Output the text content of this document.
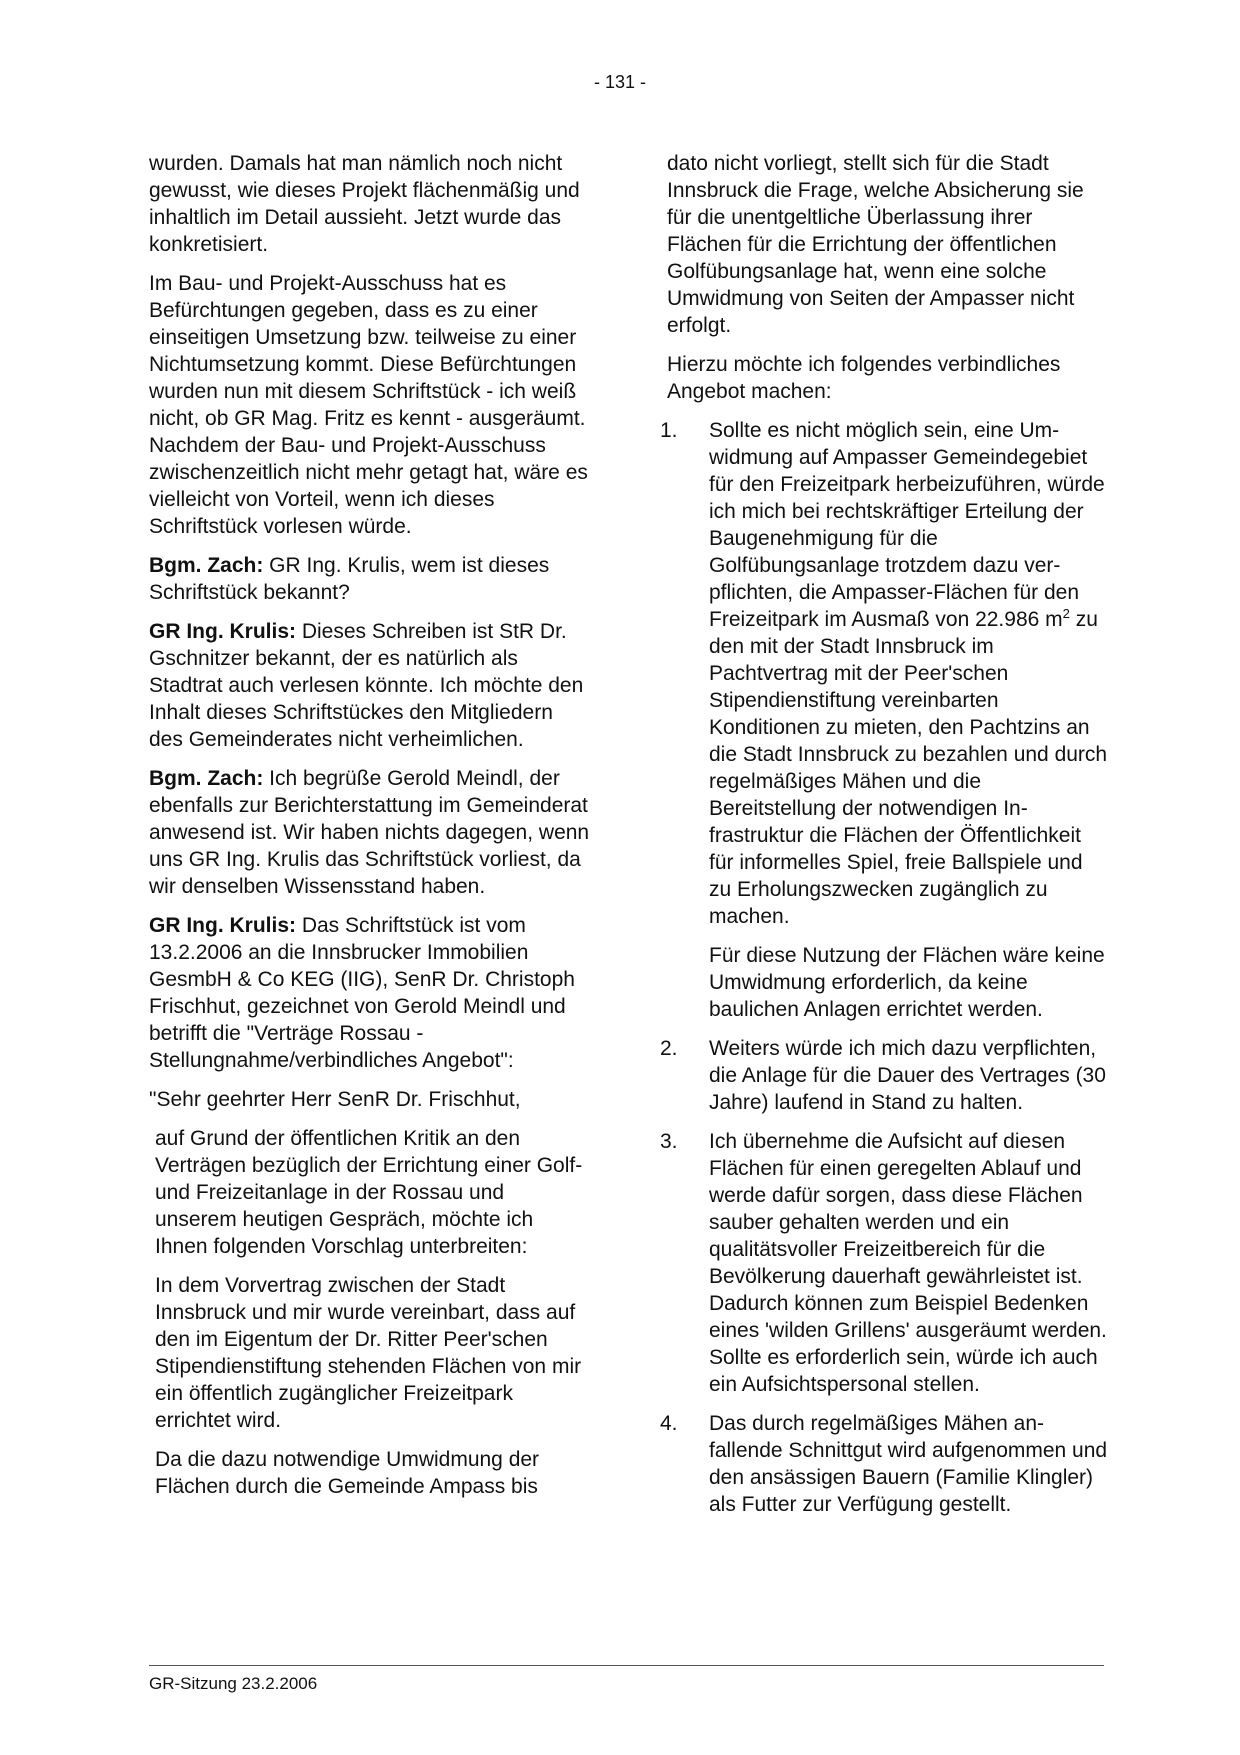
- 131 -

wurden. Damals hat man nämlich noch nicht gewusst, wie dieses Projekt flächenmäßig und inhaltlich im Detail aussieht. Jetzt wurde das konkretisiert.

Im Bau- und Projekt-Ausschuss hat es Befürchtungen gegeben, dass es zu einer einseitigen Umsetzung bzw. teilweise zu einer Nichtumsetzung kommt. Diese Befürchtungen wurden nun mit diesem Schriftstück - ich weiß nicht, ob GR Mag. Fritz es kennt - ausgeräumt. Nachdem der Bau- und Projekt-Ausschuss zwischenzeitlich nicht mehr getagt hat, wäre es vielleicht von Vorteil, wenn ich dieses Schriftstück vorlesen würde.

Bgm. Zach: GR Ing. Krulis, wem ist dieses Schriftstück bekannt?

GR Ing. Krulis: Dieses Schreiben ist StR Dr. Gschnitzer bekannt, der es natürlich als Stadtrat auch verlesen könnte. Ich möchte den Inhalt dieses Schriftstückes den Mitgliedern des Gemeinderates nicht verheimlichen.

Bgm. Zach: Ich begrüße Gerold Meindl, der ebenfalls zur Berichterstattung im Gemeinderat anwesend ist. Wir haben nichts dagegen, wenn uns GR Ing. Krulis das Schriftstück vorliest, da wir denselben Wissensstand haben.

GR Ing. Krulis: Das Schriftstück ist vom 13.2.2006 an die Innsbrucker Immobilien GesmbH & Co KEG (IIG), SenR Dr. Christoph Frischhut, gezeichnet von Gerold Meindl und betrifft die "Verträge Rossau - Stellungnahme/verbindliches Angebot":

"Sehr geehrter Herr SenR Dr. Frischhut,

auf Grund der öffentlichen Kritik an den Verträgen bezüglich der Errichtung einer Golf- und Freizeitanlage in der Rossau und unserem heutigen Gespräch, möchte ich Ihnen folgenden Vorschlag unterbreiten:

In dem Vorvertrag zwischen der Stadt Innsbruck und mir wurde vereinbart, dass auf den im Eigentum der Dr. Ritter Peer'schen Stipendienstiftung stehenden Flächen von mir ein öffentlich zugänglicher Freizeitpark errichtet wird.

Da die dazu notwendige Umwidmung der Flächen durch die Gemeinde Ampass bis

dato nicht vorliegt, stellt sich für die Stadt Innsbruck die Frage, welche Absicherung sie für die unentgeltliche Überlassung ihrer Flächen für die Errichtung der öffentlichen Golfübungsanlage hat, wenn eine solche Umwidmung von Seiten der Ampasser nicht erfolgt.

Hierzu möchte ich folgendes verbindliches Angebot machen:

1. Sollte es nicht möglich sein, eine Umwidmung auf Ampasser Gemeindegebiet für den Freizeitpark herbeizuführen, würde ich mich bei rechtskräftiger Erteilung der Baugenehmigung für die Golfübungsanlage trotzdem dazu verpflichten, die Ampasser-Flächen für den Freizeitpark im Ausmaß von 22.986 $m^2$ zu den mit der Stadt Innsbruck im Pachtvertrag mit der Peer'schen Stipendienstiftung vereinbarten Konditionen zu mieten, den Pachtzins an die Stadt Innsbruck zu bezahlen und durch regelmäßiges Mähen und die Bereitstellung der notwendigen Infrastruktur die Flächen der Öffentlichkeit für informelles Spiel, freie Ballspiele und zu Erholungszwecken zugänglich zu machen.

Für diese Nutzung der Flächen wäre keine Umwidmung erforderlich, da keine baulichen Anlagen errichtet werden.

2. Weiters würde ich mich dazu verpflichten, die Anlage für die Dauer des Vertrages (30 Jahre) laufend in Stand zu halten.

3. Ich übernehme die Aufsicht auf diesen Flächen für einen geregelten Ablauf und werde dafür sorgen, dass diese Flächen sauber gehalten werden und ein qualitätsvoller Freizeitbereich für die Bevölkerung dauerhaft gewährleistet ist. Dadurch können zum Beispiel Bedenken eines 'wilden Grillens' ausgeräumt werden. Sollte es erforderlich sein, würde ich auch ein Aufsichtspersonal stellen.

4. Das durch regelmäßiges Mähen anfallende Schnittgut wird aufgenommen und den ansässigen Bauern (Familie Klingler) als Futter zur Verfügung gestellt.

GR-Sitzung 23.2.2006
